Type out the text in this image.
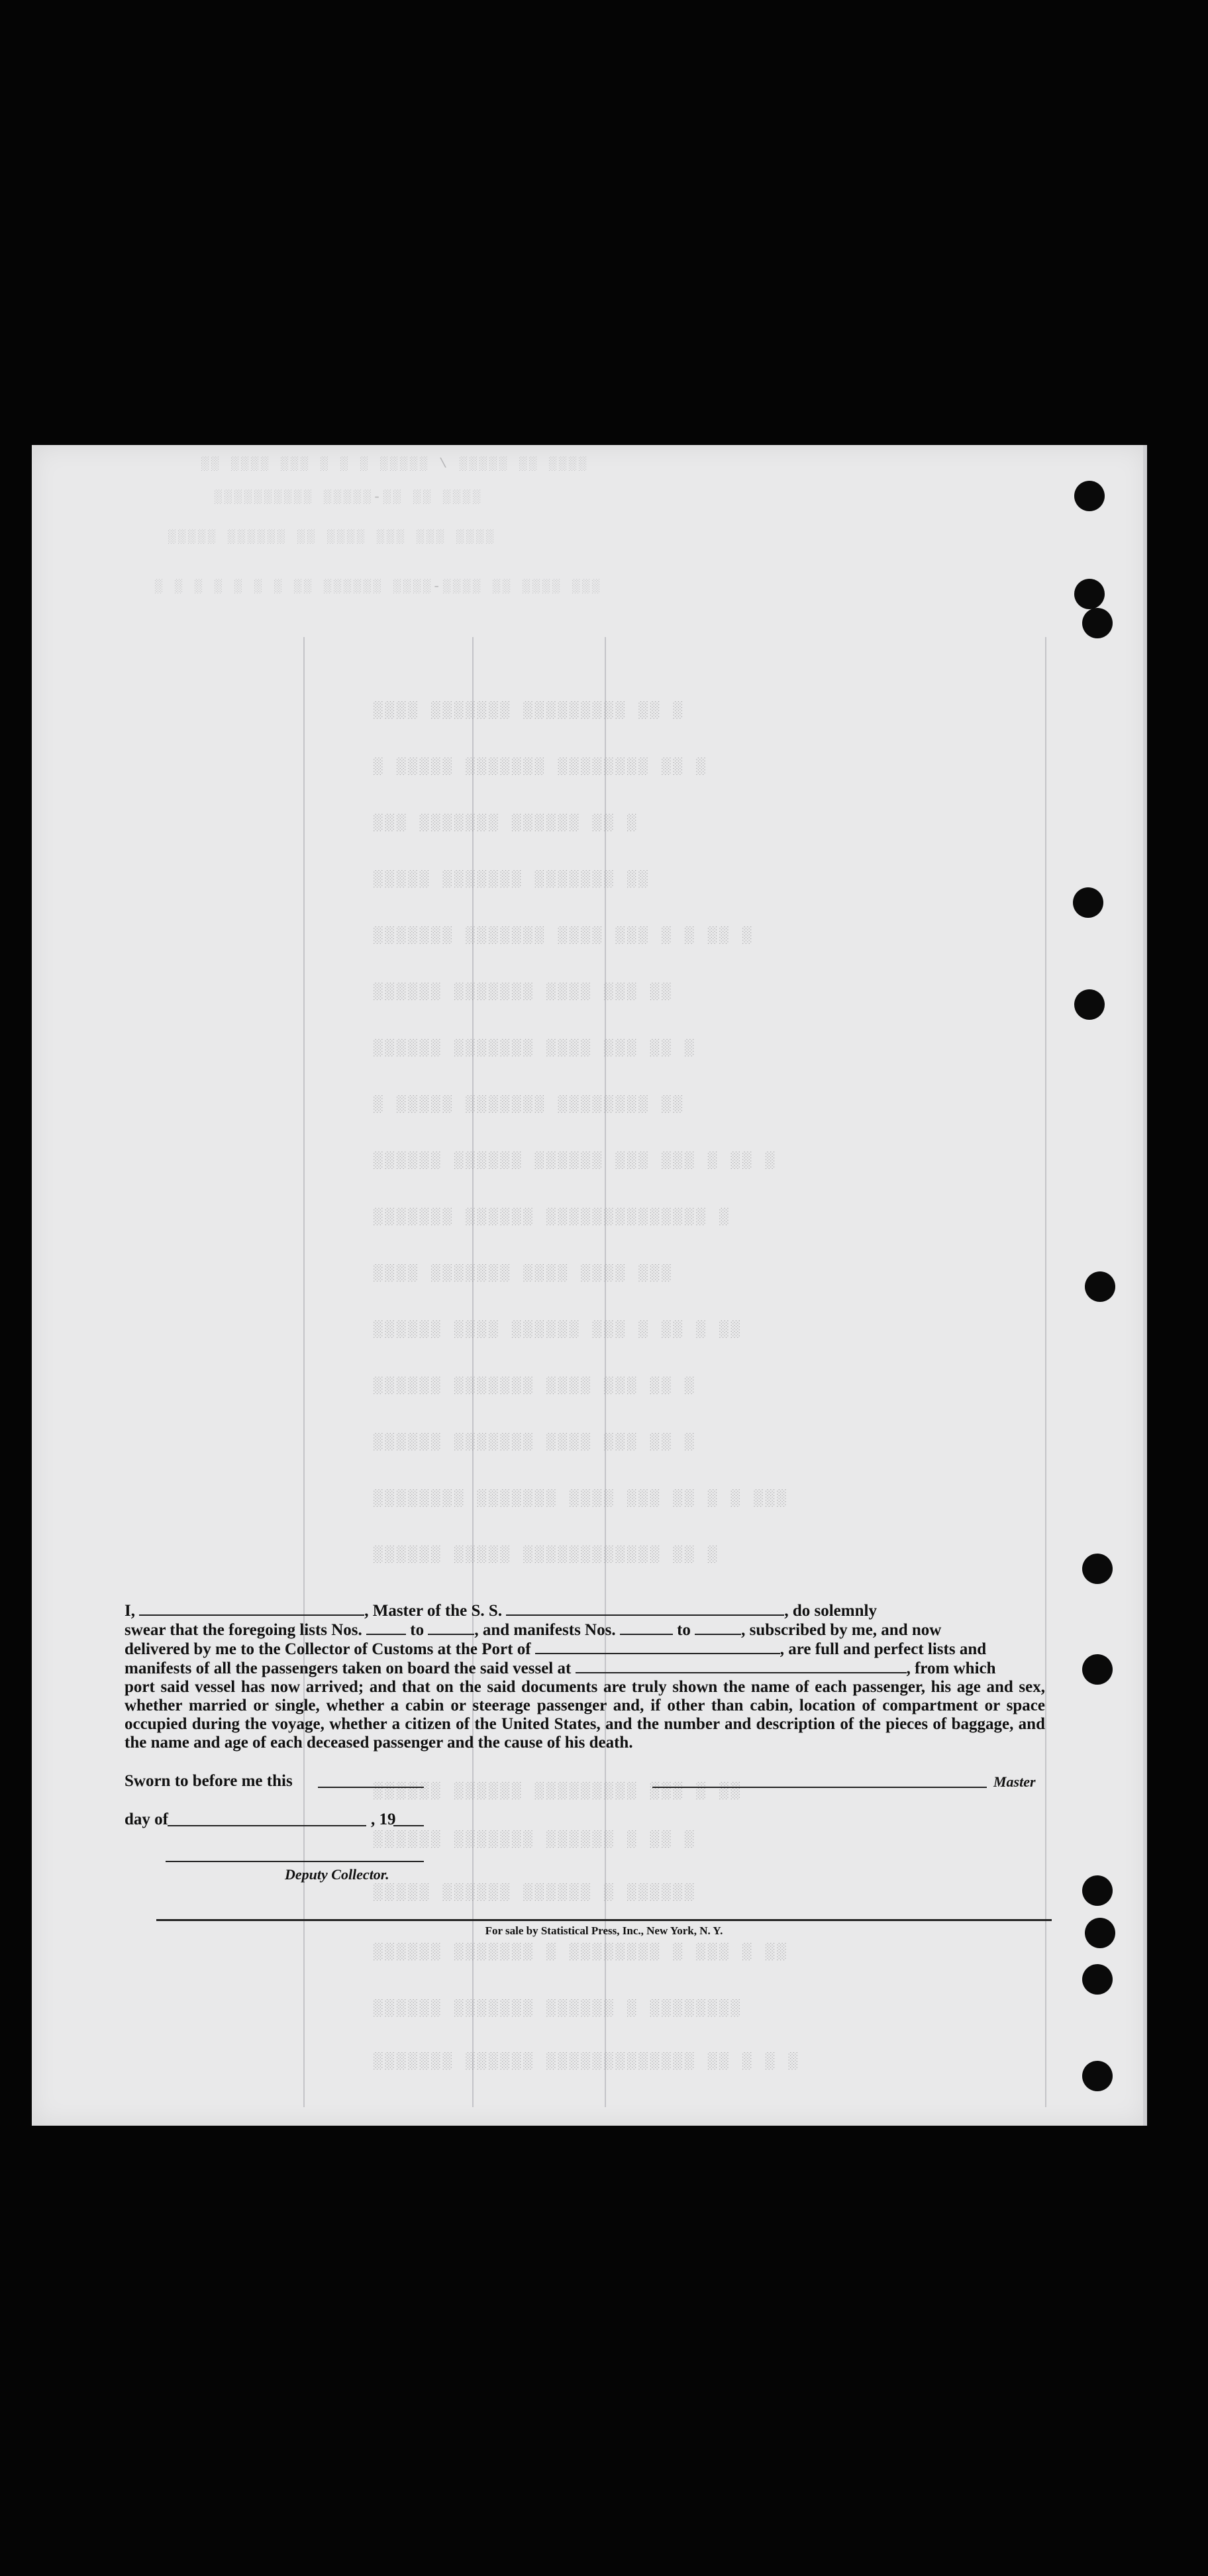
░░░░ ░░ ░░░░░ / ░░░░░ ░ ░ ░ ░░░ ░░░░ ░░
░░░░ ░░ ░░-░░░░░ ░░░░░░░░░░
░░░░ ░░░ ░░░ ░░░░ ░░ ░░░░░░ ░░░░░
░░░ ░░░░ ░░ ░░░░-░░░░ ░░░░░░ ░░ ░ ░ ░ ░ ░ ░ ░
░ ░░ ░░░░░░░░░ ░░░░░░░ ░░░░
░ ░░ ░░░░░░░░ ░░░░░░░ ░░░░░ ░
░ ░░ ░░░░░░ ░░░░░░░ ░░░
░░ ░░░░░░░ ░░░░░░░ ░░░░░
░ ░░ ░ ░ ░░░ ░░░░ ░░░░░░░ ░░░░░░░
░░ ░░░ ░░░░ ░░░░░░░ ░░░░░░
░ ░░ ░░░ ░░░░ ░░░░░░░ ░░░░░░
░░ ░░░░░░░░ ░░░░░░░ ░░░░░ ░
░ ░░ ░ ░░░ ░░░ ░░░░░░ ░░░░░░ ░░░░░░
░ ░░░░░░░░░░░░░░ ░░░░░░ ░░░░░░░
░░░ ░░░░ ░░░░ ░░░░░░░ ░░░░
░░ ░ ░░ ░ ░░░ ░░░░░░ ░░░░ ░░░░░░
░ ░░ ░░░ ░░░░ ░░░░░░░ ░░░░░░
░ ░░ ░░░ ░░░░ ░░░░░░░ ░░░░░░
░░░ ░ ░ ░░ ░░░ ░░░░ ░░░░░░░ ░░░░░░░░
░ ░░ ░░░░░░░░░░░░ ░░░░░ ░░░░░░
░░ ░ ░░░ ░░░░░░░░░ ░░░░░░ ░░░░░░
░ ░░ ░ ░░░░░░ ░░░░░░░ ░░░░░░
░░░░░░ ░ ░░░░░░ ░░░░░░ ░░░░░
░░ ░ ░░░ ░ ░░░░░░░░ ░ ░░░░░░░ ░░░░░░
░░░░░░░░ ░ ░░░░░░ ░░░░░░░ ░░░░░░
░ ░ ░ ░░ ░░░░░░░░░░░░░ ░░░░░░ ░░░░░░░

I,	, Master of the S. S.	, do solemnly

swear that the foregoing lists Nos.	to	, and manifests Nos.	to	, subscribed by me, and now

delivered by me to the Collector of Customs at the Port of	, are full and perfect lists and

manifests of all the passengers taken on board the said vessel at	, from which

port said vessel has now arrived; and that on the said documents are truly shown the name of each passenger, his age and sex, whether married or single, whether a cabin or steerage passenger and, if other than cabin, location of compartment or space occupied during the voyage, whether a citizen of the United States, and the number and description of the pieces of baggage, and the name and age of each deceased passenger and the cause of his death.

Sworn to before me this	Master
day of	, 19
Deputy Collector.
For sale by Statistical Press, Inc., New York, N. Y.
